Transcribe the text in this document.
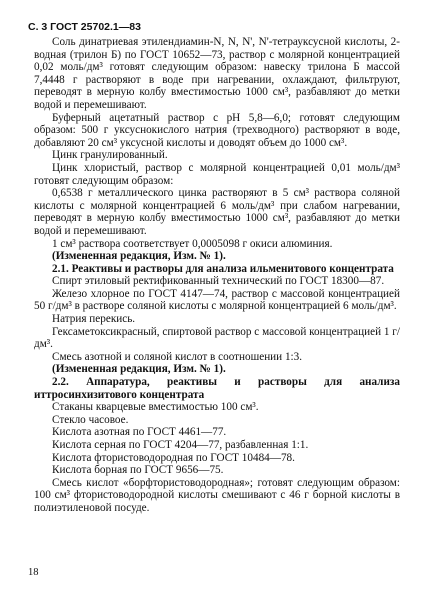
С. 3 ГОСТ 25702.1—83

Соль динатриевая этилендиамин-N, N, N', N'-тетрауксусной кислоты, 2-водная (трилон Б) по ГОСТ 10652—73, раствор с молярной концентрацией 0,02 моль/дм³ готовят следующим образом: навеску трилона Б массой 7,4448 г растворяют в воде при нагревании, охлаждают, фильтруют, переводят в мерную колбу вместимостью 1000 см³, разбавляют до метки водой и перемешивают.

Буферный ацетатный раствор с pH 5,8—6,0; готовят следующим образом: 500 г уксуснокислого натрия (трехводного) растворяют в воде, добавляют 20 см³ уксусной кислоты и доводят объем до 1000 см³.

Цинк гранулированный.

Цинк хлористый, раствор с молярной концентрацией 0,01 моль/дм³ готовят следующим образом:

0,6538 г металлического цинка растворяют в 5 см³ раствора соляной кислоты с молярной концентрацией 6 моль/дм³ при слабом нагревании, переводят в мерную колбу вместимостью 1000 см³, разбавляют до метки водой и перемешивают.

1 см³ раствора соответствует 0,0005098 г окиси алюминия.

(Измененная редакция, Изм. № 1).

2.1. Реактивы и растворы для анализа ильменитового концентрата

Спирт этиловый ректификованный технический по ГОСТ 18300—87.

Железо хлорное по ГОСТ 4147—74, раствор с массовой концентрацией 50 г/дм³ в растворе соляной кислоты с молярной концентрацией 6 моль/дм³.

Натрия перекись.

Гексаметоксикрасный, спиртовой раствор с массовой концентрацией 1 г/дм³.

Смесь азотной и соляной кислот в соотношении 1:3.

(Измененная редакция, Изм. № 1).

2.2. Аппаратура, реактивы и растворы для анализа иттросинхизитового концентрата

Стаканы кварцевые вместимостью 100 см³.

Стекло часовое.

Кислота азотная по ГОСТ 4461—77.

Кислота серная по ГОСТ 4204—77, разбавленная 1:1.

Кислота фтористоводородная по ГОСТ 10484—78.

Кислота борная по ГОСТ 9656—75.

Смесь кислот «борфтористоводородная»; готовят следующим образом: 100 см³ фтористоводородной кислоты смешивают с 46 г борной кислоты в полиэтиленовой посуде.

18
